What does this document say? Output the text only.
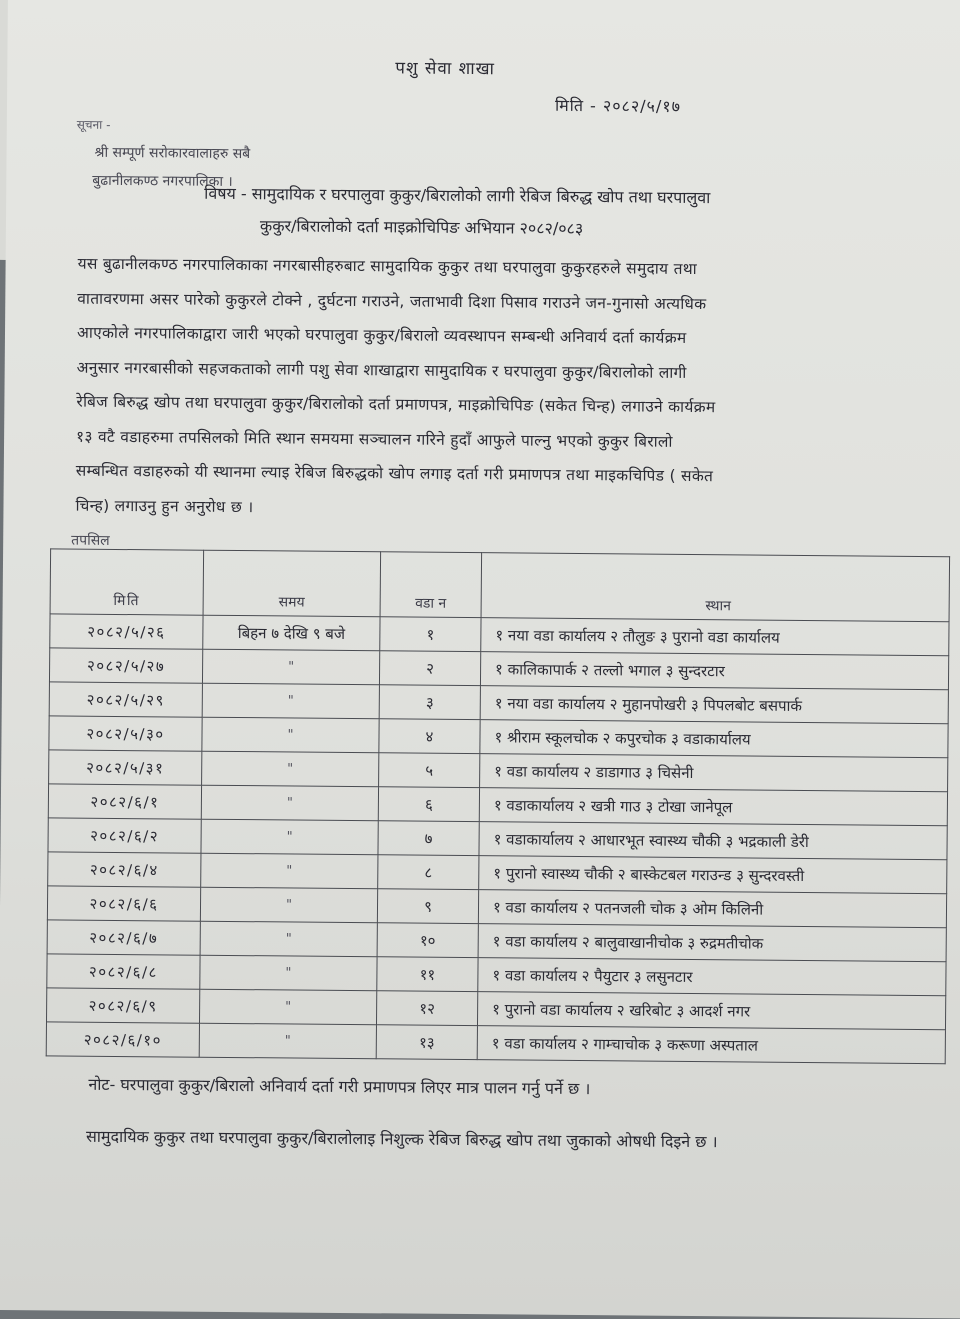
पशु सेवा शाखा
मिति - २०८२/५/१७
सूचना -
श्री सम्पूर्ण सरोकारवालाहरु सबै
बुढानीलकण्ठ नगरपालिका ।
विषय - सामुदायिक र घरपालुवा कुकुर/बिरालोको लागी रेबिज बिरुद्ध खोप तथा घरपालुवा
कुकुर/बिरालोको दर्ता माइक्रोचिपिङ अभियान २०८२/०८३
यस बुढानीलकण्ठ नगरपालिकाका नगरबासीहरुबाट सामुदायिक कुकुर तथा घरपालुवा कुकुरहरुले समुदाय तथा
वातावरणमा असर पारेको कुकुरले टोक्ने , दुर्घटना गराउने, जताभावी दिशा पिसाव गराउने जन-गुनासो अत्यधिक
आएकोले नगरपालिकाद्वारा जारी भएको घरपालुवा कुकुर/बिरालो व्यवस्थापन सम्बन्धी अनिवार्य दर्ता कार्यक्रम
अनुसार नगरबासीको सहजकताको लागी पशु सेवा शाखाद्वारा सामुदायिक र घरपालुवा कुकुर/बिरालोको लागी
रेबिज बिरुद्ध खोप तथा घरपालुवा कुकुर/बिरालोको दर्ता प्रमाणपत्र, माइक्रोचिपिङ (सकेत चिन्ह) लगाउने कार्यक्रम
१३ वटै वडाहरुमा तपसिलको मिति स्थान समयमा सञ्चालन गरिने हुदाँ आफुले पाल्नु भएको कुकुर बिरालो
सम्बन्धित वडाहरुको यी स्थानमा ल्याइ रेबिज बिरुद्धको खोप लगाइ दर्ता गरी प्रमाणपत्र तथा माइकचिपिड ( सकेत
चिन्ह) लगाउनु हुन अनुरोध छ ।
तपसिल
मिति	समय	वडा न	स्थान
२०८२/५/२६	बिहन ७ देखि ९ बजे	१	१ नया वडा कार्यालय २ तौलुङ ३ पुरानो वडा कार्यालय
२०८२/५/२७	"	२	१ कालिकापार्क २ तल्लो भगाल ३ सुन्दरटार
२०८२/५/२९	"	३	१ नया वडा कार्यालय २ मुहानपोखरी ३ पिपलबोट बसपार्क
२०८२/५/३०	"	४	१ श्रीराम स्कूलचोक २ कपुरचोक ३ वडाकार्यालय
२०८२/५/३१	"	५	१ वडा कार्यालय २ डाडागाउ ३ चिसेनी
२०८२/६/१	"	६	१ वडाकार्यालय २ खत्री गाउ ३ टोखा जानेपूल
२०८२/६/२	"	७	१ वडाकार्यालय २ आधारभूत स्वास्थ्य चौकी ३ भद्रकाली डेरी
२०८२/६/४	"	८	१ पुरानो स्वास्थ्य चौकी २ बास्केटबल गराउन्ड ३ सुन्दरवस्ती
२०८२/६/६	"	९	१ वडा कार्यालय २ पतनजली चोक ३ ओम किलिनी
२०८२/६/७	"	१०	१ वडा कार्यालय २ बालुवाखानीचोक ३ रुद्रमतीचोक
२०८२/६/८	"	११	१ वडा कार्यालय २ पैयुटार ३ लसुनटार
२०८२/६/९	"	१२	१ पुरानो वडा कार्यालय २ खरिबोट ३ आदर्श नगर
२०८२/६/१०	"	१३	१ वडा कार्यालय २ गाम्चाचोक ३ करूणा अस्पताल
नोट- घरपालुवा कुकुर/बिरालो अनिवार्य दर्ता गरी प्रमाणपत्र लिएर मात्र पालन गर्नु पर्ने छ ।
सामुदायिक कुकुर तथा घरपालुवा कुकुर/बिरालोलाइ निशुल्क रेबिज बिरुद्ध खोप तथा जुकाको ओषधी दिइने छ ।
